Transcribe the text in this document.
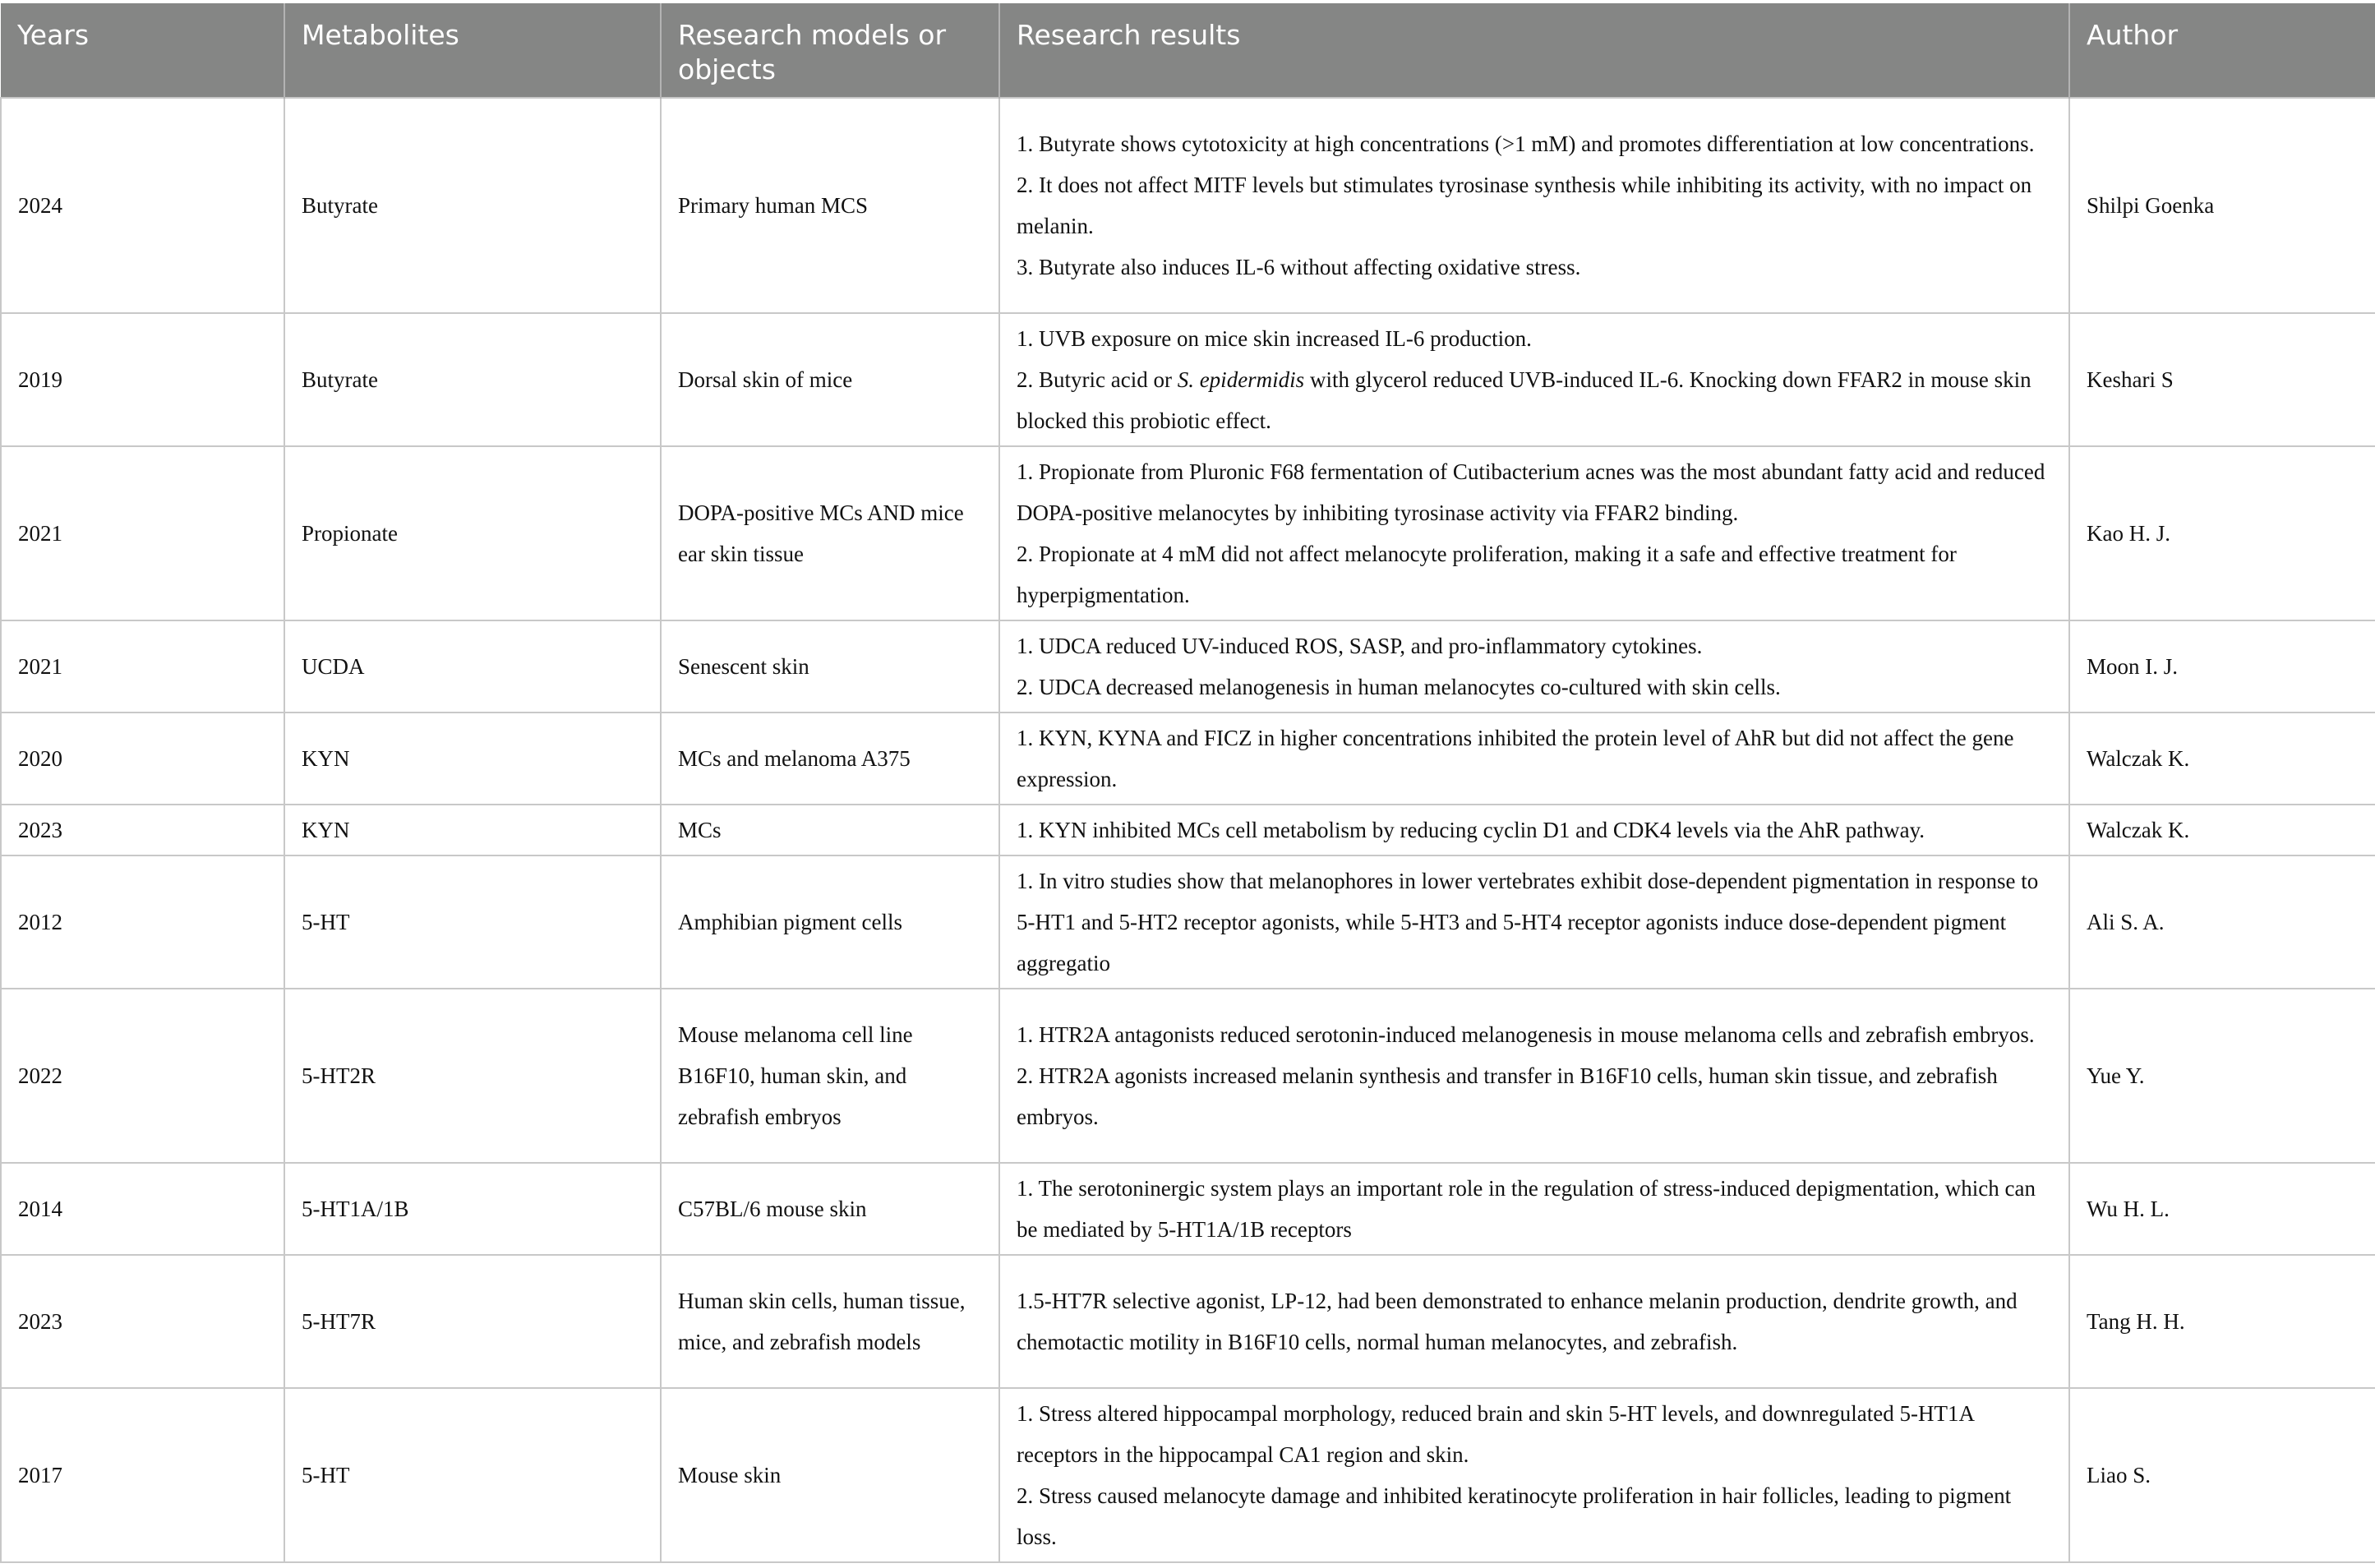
Years	Metabolites	Research models or objects	Research results	Author
2024	Butyrate	Primary human MCS	1. Butyrate shows cytotoxicity at high concentrations (>1 mM) and promotes differentiation at low concentrations.
2. It does not affect MITF levels but stimulates tyrosinase synthesis while inhibiting its activity, with no impact on melanin.
3. Butyrate also induces IL-6 without affecting oxidative stress.	Shilpi Goenka
2019	Butyrate	Dorsal skin of mice	1. UVB exposure on mice skin increased IL-6 production.
2. Butyric acid or S. epidermidis with glycerol reduced UVB-induced IL-6. Knocking down FFAR2 in mouse skin blocked this probiotic effect.	Keshari S
2021	Propionate	DOPA-positive MCs AND mice ear skin tissue	1. Propionate from Pluronic F68 fermentation of Cutibacterium acnes was the most abundant fatty acid and reduced DOPA-positive melanocytes by inhibiting tyrosinase activity via FFAR2 binding.
2. Propionate at 4 mM did not affect melanocyte proliferation, making it a safe and effective treatment for hyperpigmentation.	Kao H. J.
2021	UCDA	Senescent skin	1. UDCA reduced UV-induced ROS, SASP, and pro-inflammatory cytokines.
2. UDCA decreased melanogenesis in human melanocytes co-cultured with skin cells.	Moon I. J.
2020	KYN	MCs and melanoma A375	1. KYN, KYNA and FICZ in higher concentrations inhibited the protein level of AhR but did not affect the gene expression.	Walczak K.
2023	KYN	MCs	1. KYN inhibited MCs cell metabolism by reducing cyclin D1 and CDK4 levels via the AhR pathway.	Walczak K.
2012	5-HT	Amphibian pigment cells	1. In vitro studies show that melanophores in lower vertebrates exhibit dose-dependent pigmentation in response to 5-HT1 and 5-HT2 receptor agonists, while 5-HT3 and 5-HT4 receptor agonists induce dose-dependent pigment aggregatio	Ali S. A.
2022	5-HT2R	Mouse melanoma cell line B16F10, human skin, and zebrafish embryos	1. HTR2A antagonists reduced serotonin-induced melanogenesis in mouse melanoma cells and zebrafish embryos.
2. HTR2A agonists increased melanin synthesis and transfer in B16F10 cells, human skin tissue, and zebrafish embryos.	Yue Y.
2014	5-HT1A/1B	C57BL/6 mouse skin	1. The serotoninergic system plays an important role in the regulation of stress-induced depigmentation, which can be mediated by 5-HT1A/1B receptors	Wu H. L.
2023	5-HT7R	Human skin cells, human tissue, mice, and zebrafish models	1.5-HT7R selective agonist, LP-12, had been demonstrated to enhance melanin production, dendrite growth, and chemotactic motility in B16F10 cells, normal human melanocytes, and zebrafish.	Tang H. H.
2017	5-HT	Mouse skin	1. Stress altered hippocampal morphology, reduced brain and skin 5-HT levels, and downregulated 5-HT1A receptors in the hippocampal CA1 region and skin.
2. Stress caused melanocyte damage and inhibited keratinocyte proliferation in hair follicles, leading to pigment loss.	Liao S.
